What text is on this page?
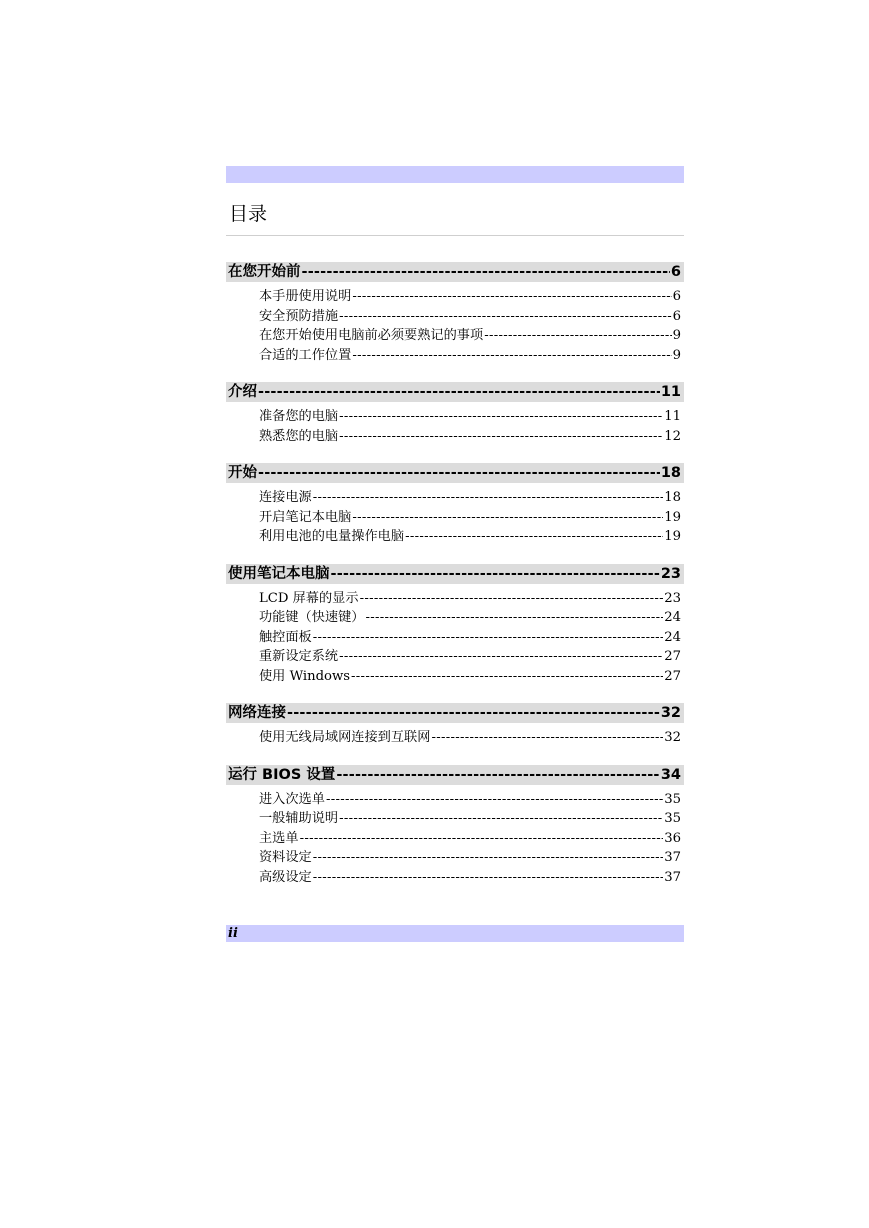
目录
在您开始前 -----	6
本手册使用说明 -----	6
安全预防措施 -----	6
在您开始使用电脑前必须要熟记的事项 -----	9
合适的工作位置 -----	9
介绍 -----	11
准备您的电脑 -----	11
熟悉您的电脑 -----	12
开始 -----	18
连接电源 -----	18
开启笔记本电脑 -----	19
利用电池的电量操作电脑 -----	19
使用笔记本电脑 -----	23
LCD 屏幕的显示 -----	23
功能键（快速键） -----	24
触控面板 -----	24
重新设定系统 -----	27
使用 Windows -----	27
网络连接 -----	32
使用无线局域网连接到互联网 -----	32
运行 BIOS 设置 -----	34
进入次选单 -----	35
一般辅助说明 -----	35
主选单 -----	36
资料设定 -----	37
高级设定 -----	37
ii
